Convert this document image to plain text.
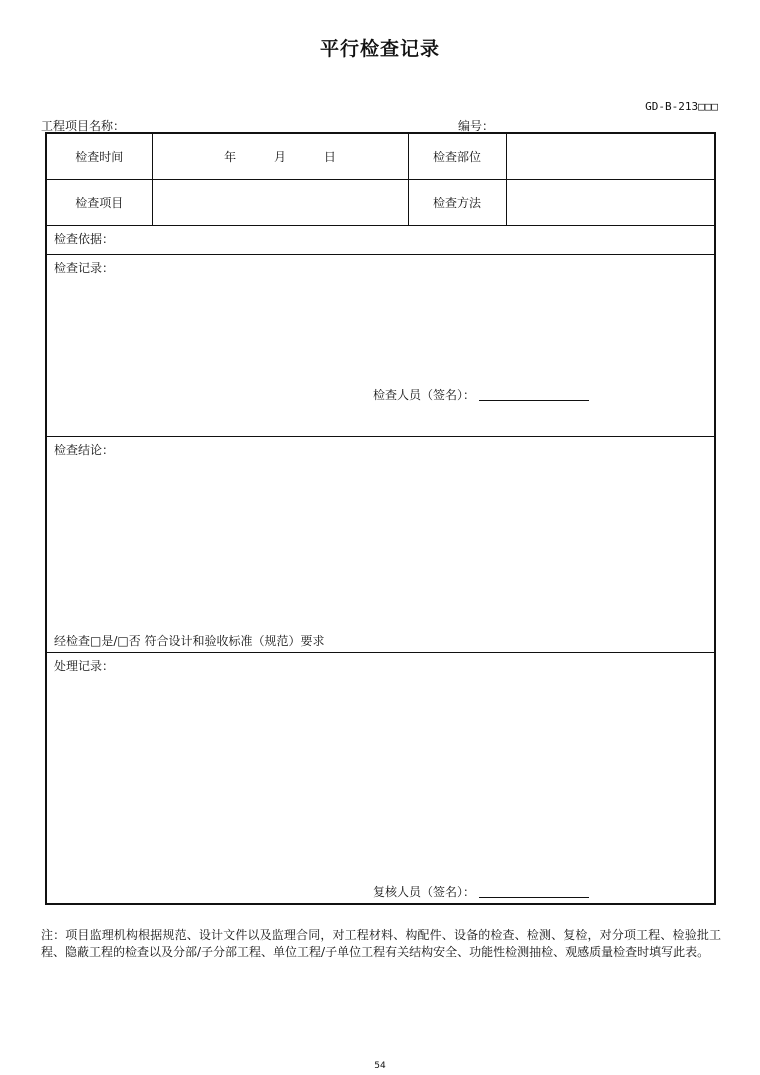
平行检查记录
GD-B-213□□□
工程项目名称：	编号：
检查时间	年 月 日	检查部位	
检查项目		检查方法	
检查依据：			
检查记录：
检查人员（签名）：			

检查结论：
经检查□是/□否 符合设计和验收标准（规范）要求			

处理记录：
复核人员（签名）：			
注：项目监理机构根据规范、设计文件以及监理合同，对工程材料、构配件、设备的检查、检测、复检，对分项工程、检验批工程、隐蔽工程的检查以及分部/子分部工程、单位工程/子单位工程有关结构安全、功能性检测抽检、观感质量检查时填写此表。
54
